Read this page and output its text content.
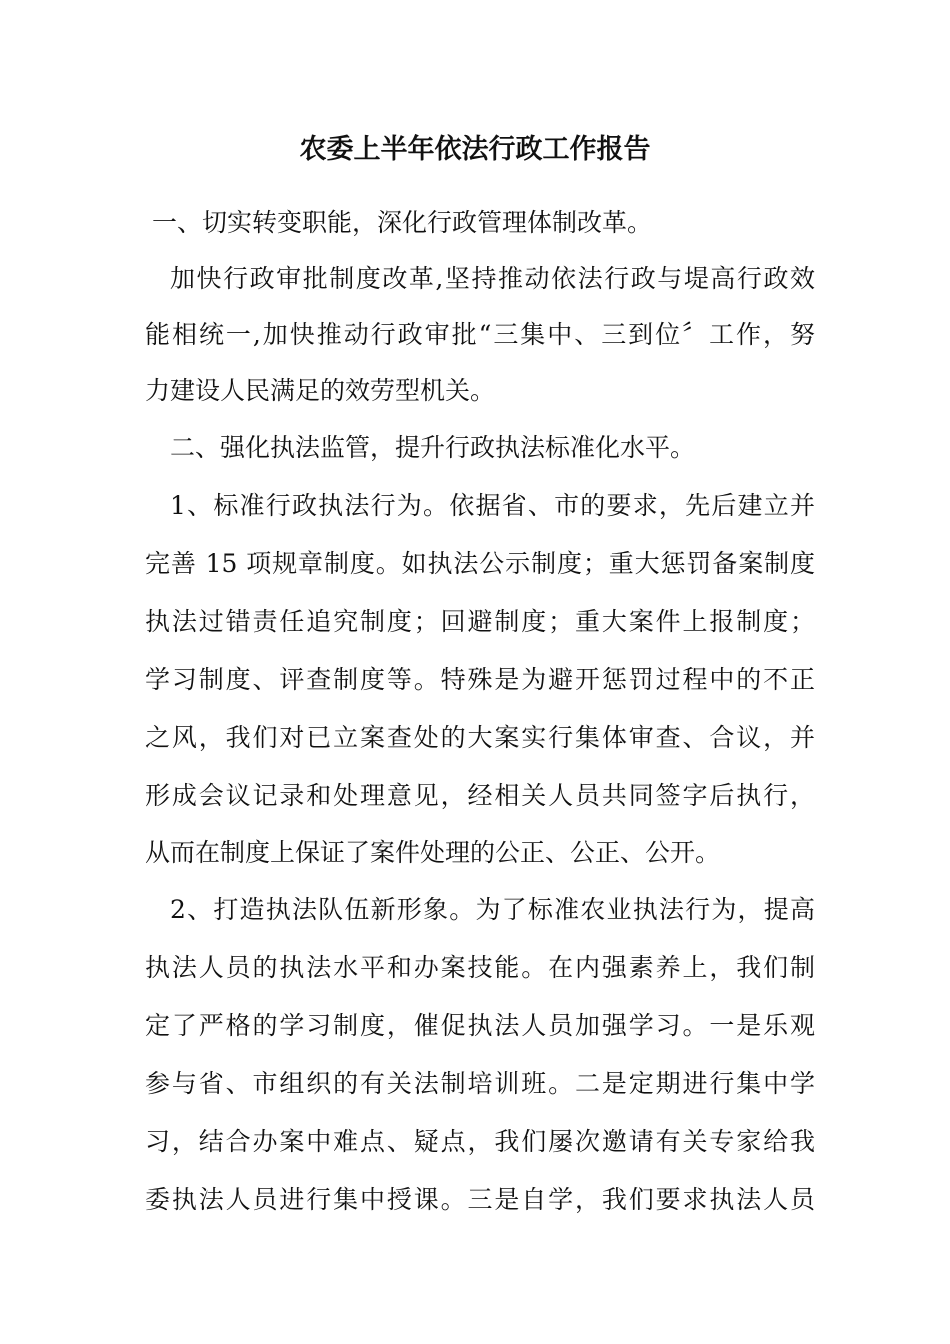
农委上半年依法行政工作报告
一、切实转变职能，深化行政管理体制改革。
加快行政审批制度改革,坚持推动依法行政与堤高行政效
能相统一,加快推动行政审批“三集中、三到位〞工作，努
力建设人民满足的效劳型机关。
二、强化执法监管，提升行政执法标准化水平。
1、标准行政执法行为。依据省、市的要求，先后建立并
完善 15 项规章制度。如执法公示制度；重大惩罚备案制度
执法过错责任追究制度；回避制度；重大案件上报制度；
学习制度、评查制度等。特殊是为避开惩罚过程中的不正
之风，我们对已立案查处的大案实行集体审查、合议，并
形成会议记录和处理意见，经相关人员共同签字后执行，
从而在制度上保证了案件处理的公正、公正、公开。
2、打造执法队伍新形象。为了标准农业执法行为，提高
执法人员的执法水平和办案技能。在内强素养上，我们制
定了严格的学习制度，催促执法人员加强学习。一是乐观
参与省、市组织的有关法制培训班。二是定期进行集中学
习，结合办案中难点、疑点，我们屡次邀请有关专家给我
委执法人员进行集中授课。三是自学，我们要求执法人员
